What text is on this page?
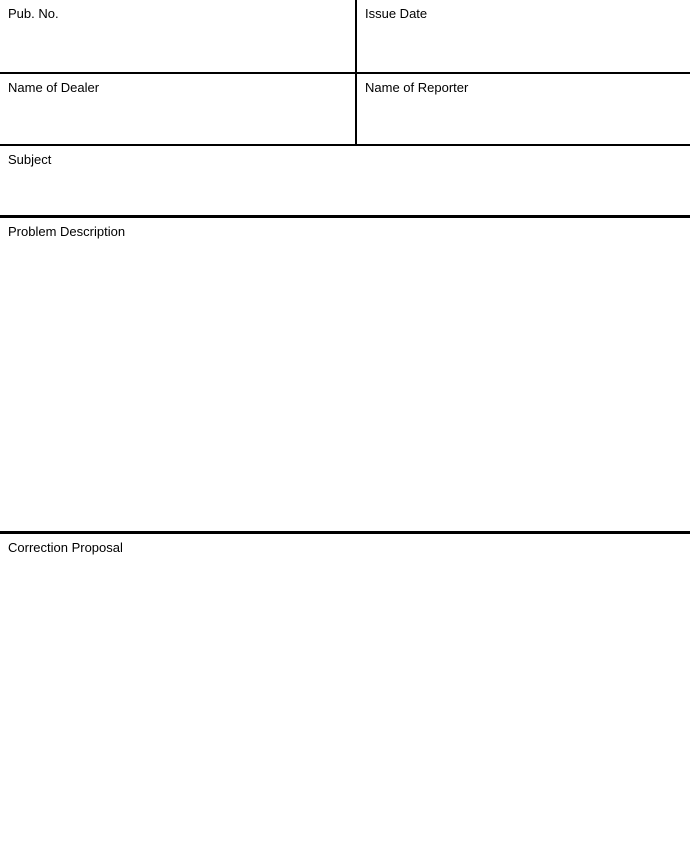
Pub. No.	Issue Date
Name of Dealer	Name of Reporter
Subject
Problem Description
Correction Proposal
